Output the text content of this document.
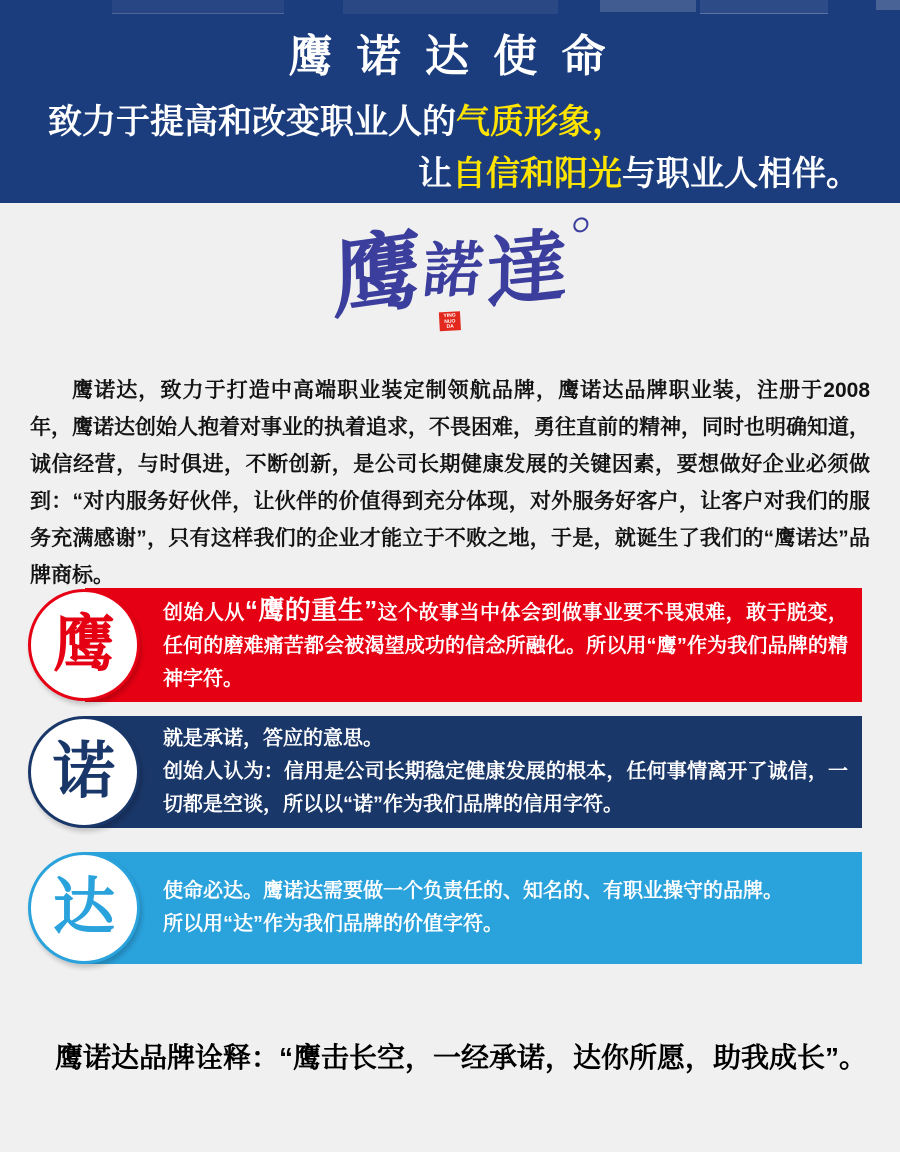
鹰 诺 达 使 命
致力于提高和改变职业人的气质形象，
让自信和阳光与职业人相伴。
鹰諾達
YING
NUO
DA

鹰诺达，致力于打造中高端职业装定制领航品牌，鹰诺达品牌职业装，注册于2008年，鹰诺达创始人抱着对事业的执着追求，不畏困难，勇往直前的精神，同时也明确知道，诚信经营，与时俱进，不断创新，是公司长期健康发展的关键因素，要想做好企业必须做到：“对内服务好伙伴，让伙伴的价值得到充分体现，对外服务好客户，让客户对我们的服务充满感谢”，只有这样我们的企业才能立于不败之地，于是，就诞生了我们的“鹰诺达”品牌商标。

鹰 创始人从“鹰的重生”这个故事当中体会到做事业要不畏艰难，敢于脱变，任何的磨难痛苦都会被渴望成功的信念所融化。所以用“鹰”作为我们品牌的精神字符。

诺 就是承诺，答应的意思。

创始人认为：信用是公司长期稳定健康发展的根本，任何事情离开了诚信，一切都是空谈，所以以“诺”作为我们品牌的信用字符。

达 使命必达。鹰诺达需要做一个负责任的、知名的、有职业操守的品牌。

所以用“达”作为我们品牌的价值字符。

鹰诺达品牌诠释：“鹰击长空，一经承诺，达你所愿，助我成长”。
